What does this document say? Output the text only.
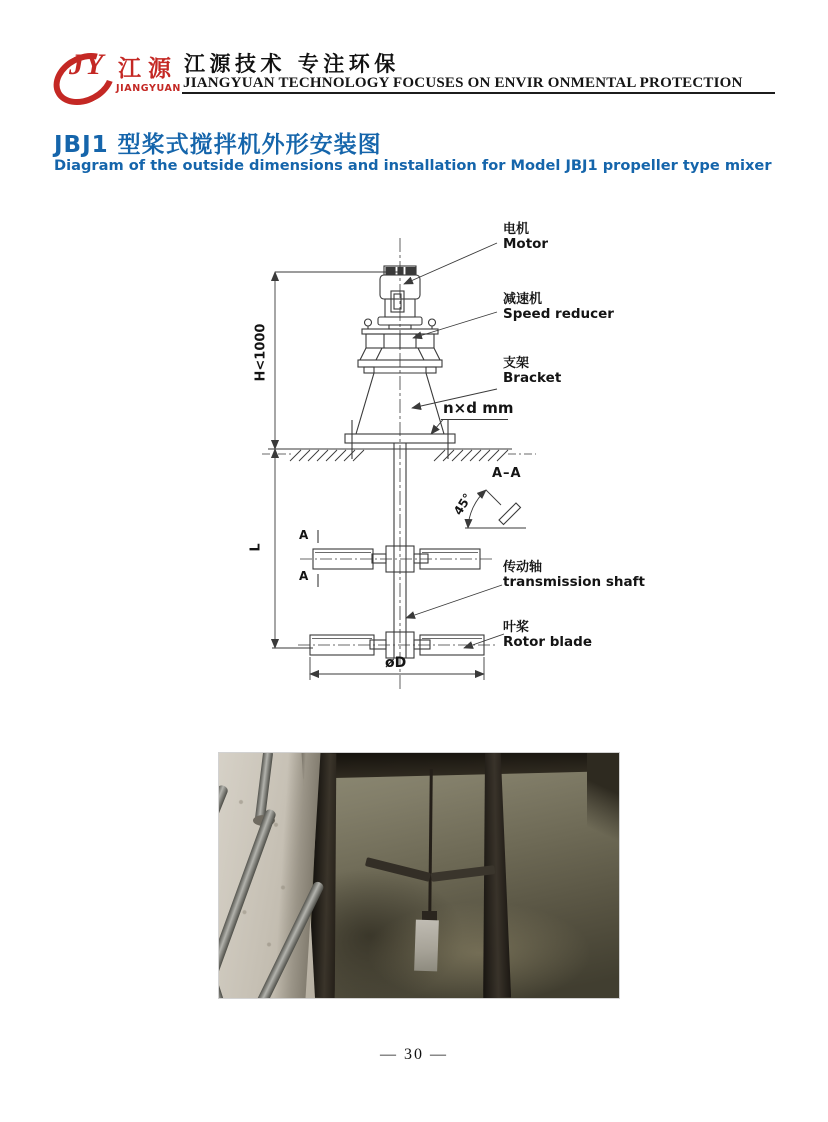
JY 江源
JIANGYUAN
江源技术 专注环保
JIANGYUAN TECHNOLOGY FOCUSES ON ENVIR ONMENTAL PROTECTION
JBJ1 型桨式搅拌机外形安装图
Diagram of the outside dimensions and installation for Model JBJ1 propeller type mixer
电机
Motor
减速机
Speed reducer
支架
Bracket
n×d mm
A–A
45°
传动轴
transmission shaft
叶桨
Rotor blade
H<1000
L
A
A
øD
— 30 —
